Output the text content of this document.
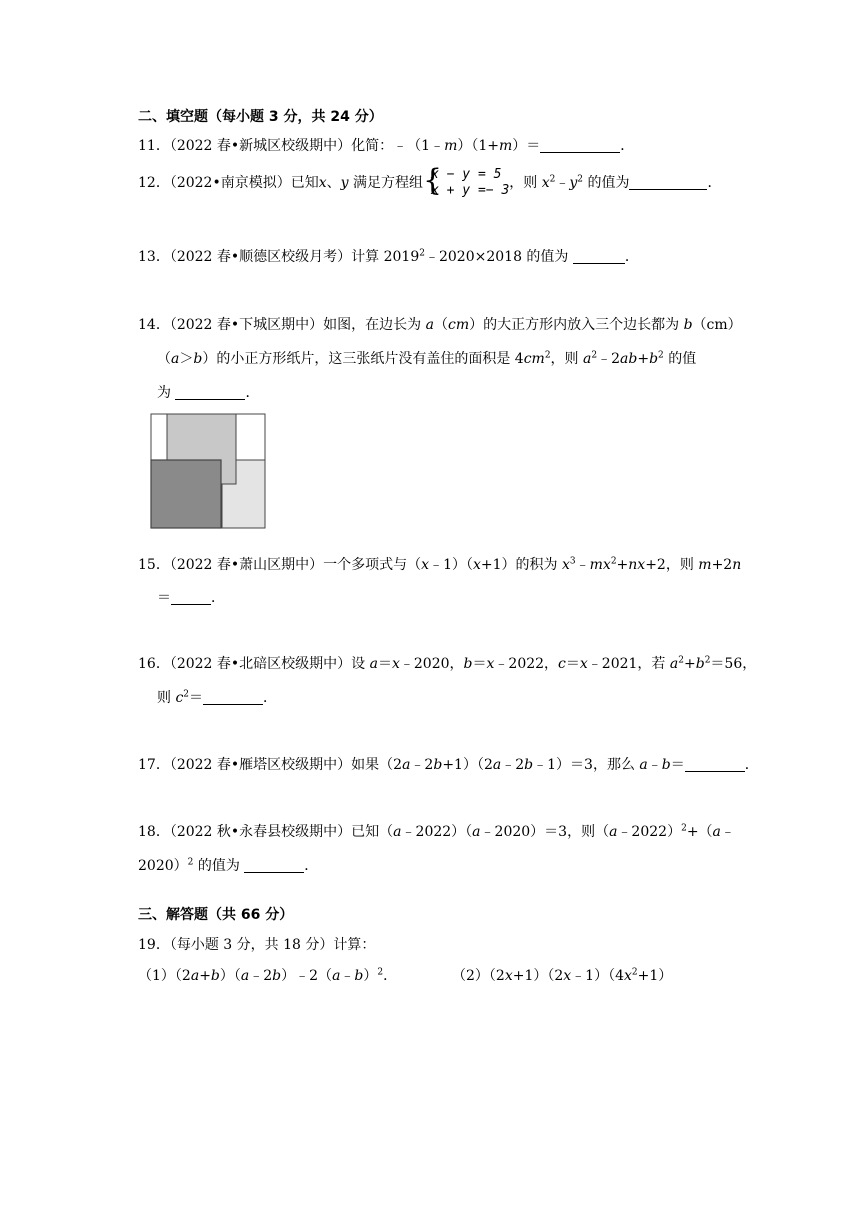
二、填空题（每小题 3 分，共 24 分）
11．（2022 春•新城区校级期中）化简：﹣（1﹣m）（1+m）＝	．
12．（2022•南京模拟）已知x、y 满足方程组 {
x − y = 5
x + y =− 3 ，则 $x^2﹣y^2$ 的值为	．
13．（2022 春•顺德区校级月考）计算 $2019^2﹣2020\times 2018$ 的值为	．
14．（2022 春•下城区期中）如图，在边长为 a（cm）的大正方形内放入三个边长都为 b（cm）
（a＞b）的小正方形纸片，这三张纸片没有盖住的面积是 $4cm^2$，则 $a^2﹣2ab+b^2$ 的值
为	．
15．（2022 春•萧山区期中）一个多项式与（x﹣1）（x+1）的积为 $x^3﹣mx^2+nx+2$，则 m+2n
＝	．
16．（2022 春•北碚区校级期中）设 a＝x﹣2020，b＝x﹣2022，c＝x﹣2021，若 $a^2+b^2=56$，
则 $c^2=$	．
17．（2022 春•雁塔区校级期中）如果（2a﹣2b+1）（2a﹣2b﹣1）＝3，那么 a﹣b＝	．
18．（2022 秋•永春县校级期中）已知（a﹣2022）（a﹣2020）＝3，则（a﹣2022）$^2$+（a﹣
2020）$^2$ 的值为	．
三、解答题（共 66 分）
19．（每小题 3 分，共 18 分）计算：
（1）（2a+b）（a﹣2b）﹣2（a﹣b）$^2$．	$(2)(2x+1)(2x﹣1)(4x^2+1)$
